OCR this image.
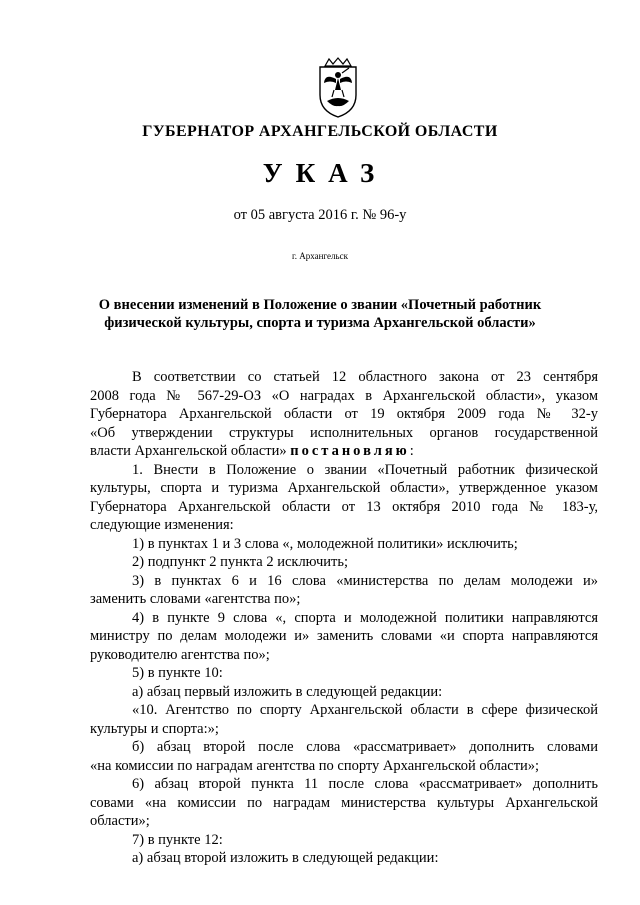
ГУБЕРНАТОР АРХАНГЕЛЬСКОЙ ОБЛАСТИ
УКАЗ
от 05 августа 2016 г. № 96-у
г. Архангельск
О внесении изменений в Положение о звании «Почетный работник
физической культуры, спорта и туризма Архангельской области»
В соответствии со статьей 12 областного закона от 23 сентября
2008 года № 567-29-ОЗ «О наградах в Архангельской области», указом
Губернатора Архангельской области от 19 октября 2009 года № 32-у
«Об утверждении структуры исполнительных органов государственной
власти Архангельской области» постановляю:
1. Внести в Положение о звании «Почетный работник физической
культуры, спорта и туризма Архангельской области», утвержденное указом
Губернатора Архангельской области от 13 октября 2010 года № 183-у,
следующие изменения:
1) в пунктах 1 и 3 слова «, молодежной политики» исключить;
2) подпункт 2 пункта 2 исключить;
3) в пунктах 6 и 16 слова «министерства по делам молодежи и»
заменить словами «агентства по»;
4) в пункте 9 слова «, спорта и молодежной политики направляются
министру по делам молодежи и» заменить словами «и спорта направляются
руководителю агентства по»;
5) в пункте 10:
а) абзац первый изложить в следующей редакции:
«10. Агентство по спорту Архангельской области в сфере физической
культуры и спорта:»;
б) абзац второй после слова «рассматривает» дополнить словами
«на комиссии по наградам агентства по спорту Архангельской области»;
6) абзац второй пункта 11 после слова «рассматривает» дополнить
совами «на комиссии по наградам министерства культуры Архангельской
области»;
7) в пункте 12:
а) абзац второй изложить в следующей редакции:
